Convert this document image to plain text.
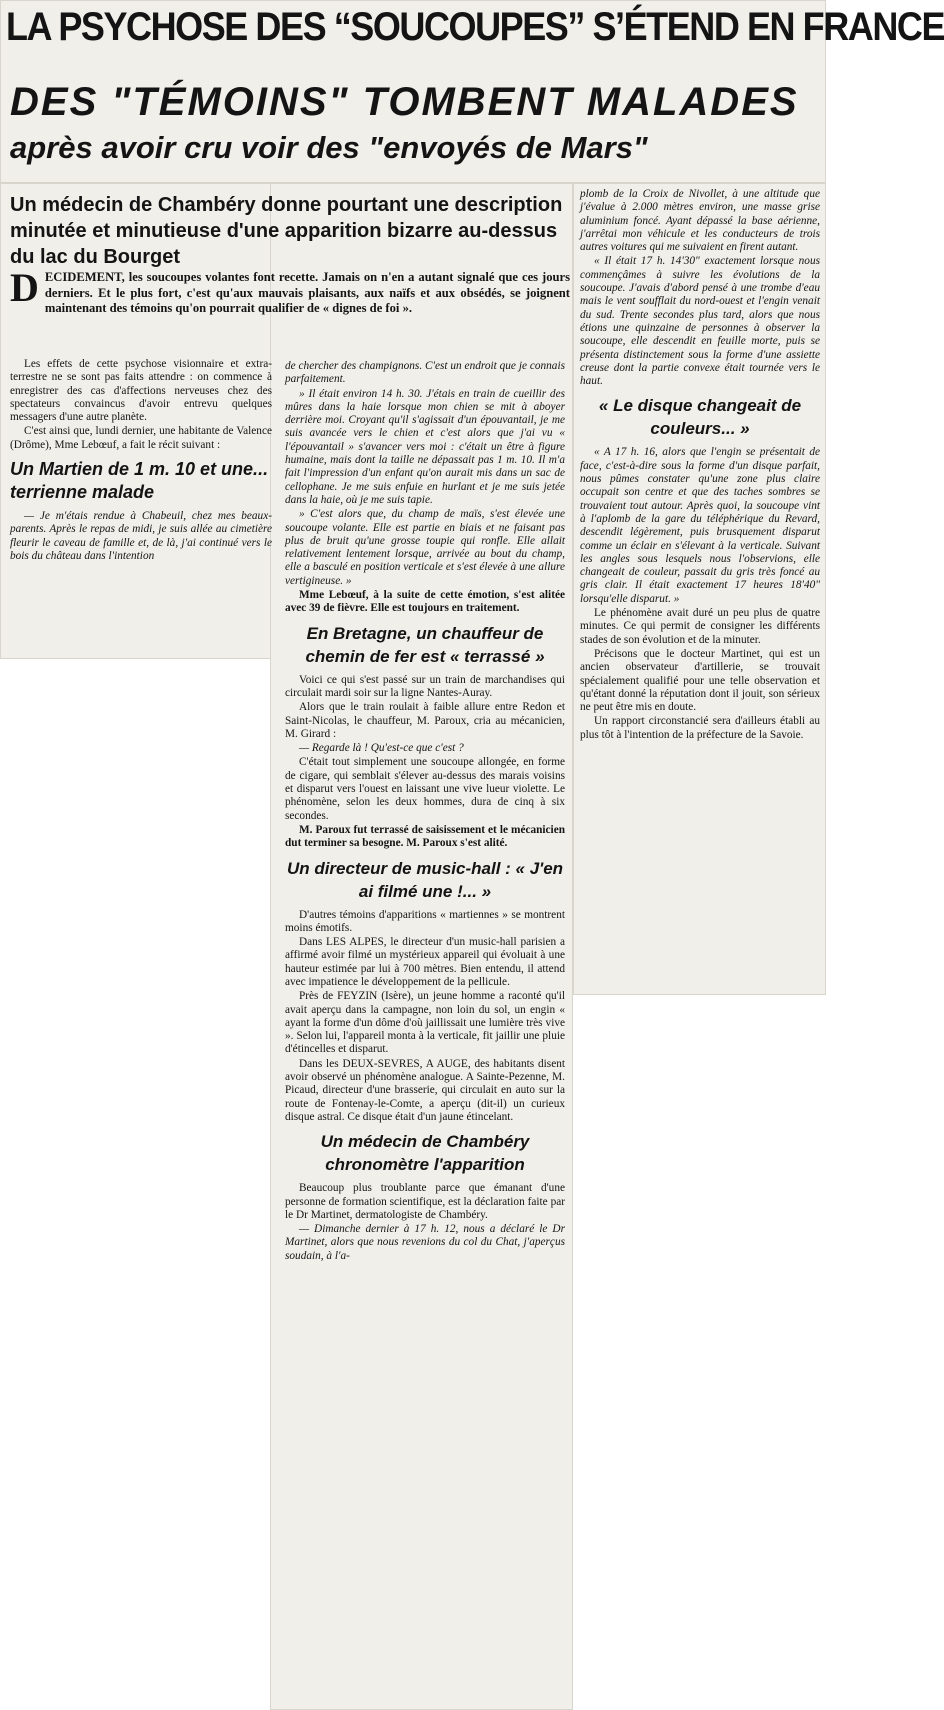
LA PSYCHOSE DES “SOUCOUPES” S’ÉTEND EN FRANCE
DES "TÉMOINS" TOMBENT MALADES
après avoir cru voir des "envoyés de Mars"
Un médecin de Chambéry donne pourtant une description minutée et minutieuse d'une apparition bizarre au-dessus du lac du Bourget
DECIDEMENT, les soucoupes volantes font recette. Jamais on n'en a autant signalé que ces jours derniers. Et le plus fort, c'est qu'aux mauvais plaisants, aux naïfs et aux obsédés, se joignent maintenant des témoins qu'on pourrait qualifier de « dignes de foi ».

Les effets de cette psychose visionnaire et extra-terrestre ne se sont pas faits attendre : on commence à enregistrer des cas d'affections nerveuses chez des spectateurs convaincus d'avoir entrevu quelques messagers d'une autre planète.

C'est ainsi que, lundi dernier, une habitante de Valence (Drôme), Mme Lebœuf, a fait le récit suivant :

Un Martien de 1 m. 10 et une... terrienne malade

— Je m'étais rendue à Chabeuil, chez mes beaux-parents. Après le repas de midi, je suis allée au cimetière fleurir le caveau de famille et, de là, j'ai continué vers le bois du château dans l'intention

de chercher des champignons. C'est un endroit que je connais parfaitement.

» Il était environ 14 h. 30. J'étais en train de cueillir des mûres dans la haie lorsque mon chien se mit à aboyer derrière moi. Croyant qu'il s'agissait d'un épouvantail, je me suis avancée vers le chien et c'est alors que j'ai vu « l'épouvantail » s'avancer vers moi : c'était un être à figure humaine, mais dont la taille ne dépassait pas 1 m. 10. Il m'a fait l'impression d'un enfant qu'on aurait mis dans un sac de cellophane. Je me suis enfuie en hurlant et je me suis jetée dans la haie, où je me suis tapie.

» C'est alors que, du champ de maïs, s'est élevée une soucoupe volante. Elle est partie en biais et ne faisant pas plus de bruit qu'une grosse toupie qui ronfle. Elle allait relativement lentement lorsque, arrivée au bout du champ, elle a basculé en position verticale et s'est élevée à une allure vertigineuse. »

Mme Lebœuf, à la suite de cette émotion, s'est alitée avec 39 de fièvre. Elle est toujours en traitement.

En Bretagne, un chauffeur de chemin de fer est « terrassé »

Voici ce qui s'est passé sur un train de marchandises qui circulait mardi soir sur la ligne Nantes-Auray.

Alors que le train roulait à faible allure entre Redon et Saint-Nicolas, le chauffeur, M. Paroux, cria au mécanicien, M. Girard :

— Regarde là ! Qu'est-ce que c'est ?

C'était tout simplement une soucoupe allongée, en forme de cigare, qui semblait s'élever au-dessus des marais voisins et disparut vers l'ouest en laissant une vive lueur violette. Le phénomène, selon les deux hommes, dura de cinq à six secondes.

M. Paroux fut terrassé de saisissement et le mécanicien dut terminer sa besogne. M. Paroux s'est alité.

Un directeur de music-hall : « J'en ai filmé une !... »

D'autres témoins d'apparitions « martiennes » se montrent moins émotifs.

Dans LES ALPES, le directeur d'un music-hall parisien a affirmé avoir filmé un mystérieux appareil qui évoluait à une hauteur estimée par lui à 700 mètres. Bien entendu, il attend avec impatience le développement de la pellicule.

Près de FEYZIN (Isère), un jeune homme a raconté qu'il avait aperçu dans la campagne, non loin du sol, un engin « ayant la forme d'un dôme d'où jaillissait une lumière très vive ». Selon lui, l'appareil monta à la verticale, fit jaillir une pluie d'étincelles et disparut.

Dans les DEUX-SEVRES, A AUGE, des habitants disent avoir observé un phénomène analogue. A Sainte-Pezenne, M. Picaud, directeur d'une brasserie, qui circulait en auto sur la route de Fontenay-le-Comte, a aperçu (dit-il) un curieux disque astral. Ce disque était d'un jaune étincelant.

Un médecin de Chambéry chronomètre l'apparition

Beaucoup plus troublante parce que émanant d'une personne de formation scientifique, est la déclaration faite par le Dr Martinet, dermatologiste de Chambéry.

— Dimanche dernier à 17 h. 12, nous a déclaré le Dr Martinet, alors que nous revenions du col du Chat, j'aperçus soudain, à l'a-

plomb de la Croix de Nivollet, à une altitude que j'évalue à 2.000 mètres environ, une masse grise aluminium foncé. Ayant dépassé la base aérienne, j'arrêtai mon véhicule et les conducteurs de trois autres voitures qui me suivaient en firent autant.

« Il était 17 h. 14'30" exactement lorsque nous commençâmes à suivre les évolutions de la soucoupe. J'avais d'abord pensé à une trombe d'eau mais le vent soufflait du nord-ouest et l'engin venait du sud. Trente secondes plus tard, alors que nous étions une quinzaine de personnes à observer la soucoupe, elle descendit en feuille morte, puis se présenta distinctement sous la forme d'une assiette creuse dont la partie convexe était tournée vers le haut.

« Le disque changeait de couleurs... »

« A 17 h. 16, alors que l'engin se présentait de face, c'est-à-dire sous la forme d'un disque parfait, nous pûmes constater qu'une zone plus claire occupait son centre et que des taches sombres se trouvaient tout autour. Après quoi, la soucoupe vint à l'aplomb de la gare du téléphérique du Revard, descendit légèrement, puis brusquement disparut comme un éclair en s'élevant à la verticale. Suivant les angles sous lesquels nous l'observions, elle changeait de couleur, passait du gris très foncé au gris clair. Il était exactement 17 heures 18'40" lorsqu'elle disparut. »

Le phénomène avait duré un peu plus de quatre minutes. Ce qui permit de consigner les différents stades de son évolution et de la minuter.

Précisons que le docteur Martinet, qui est un ancien observateur d'artillerie, se trouvait spécialement qualifié pour une telle observation et qu'étant donné la réputation dont il jouit, son sérieux ne peut être mis en doute.

Un rapport circonstancié sera d'ailleurs établi au plus tôt à l'intention de la préfecture de la Savoie.
